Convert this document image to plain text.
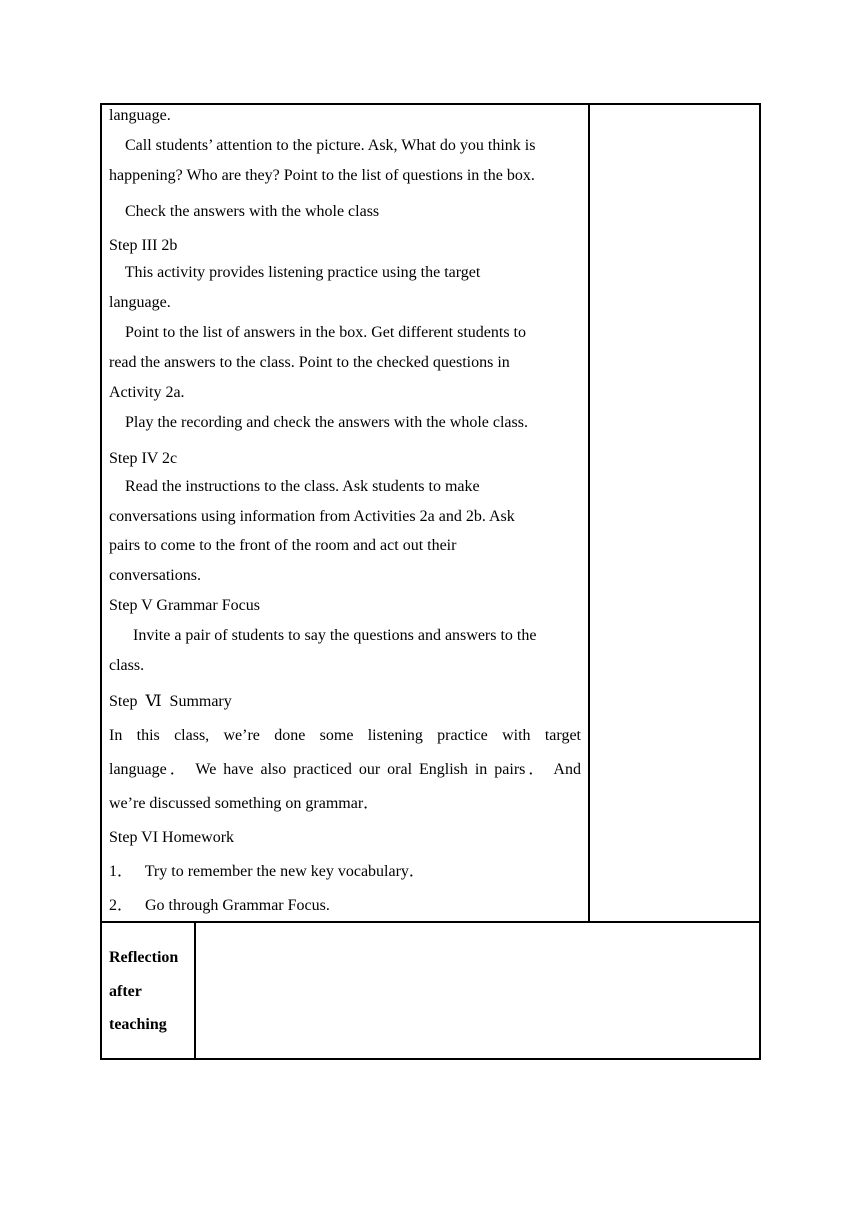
language.
Call students’ attention to the picture. Ask, What do you think is
happening? Who are they? Point to the list of questions in the box.
Check the answers with the whole class
Step III 2b
This activity provides listening practice using the target
language.
Point to the list of answers in the box. Get different students to
read the answers to the class. Point to the checked questions in
Activity 2a.
Play the recording and check the answers with the whole class.
Step IV 2c
Read the instructions to the class. Ask students to make
conversations using information from Activities 2a and 2b. Ask
pairs to come to the front of the room and act out their
conversations.
Step V Grammar Focus
Invite a pair of students to say the questions and answers to the
class.
Step  Ⅵ  Summary
In this class, we’re done some listening practice with target
language． We have also practiced our oral English in pairs． And
we’re discussed something on grammar．
Step VI Homework
1．   Try to remember the new key vocabulary．
2．   Go through Grammar Focus.
Reflection
after
teaching
